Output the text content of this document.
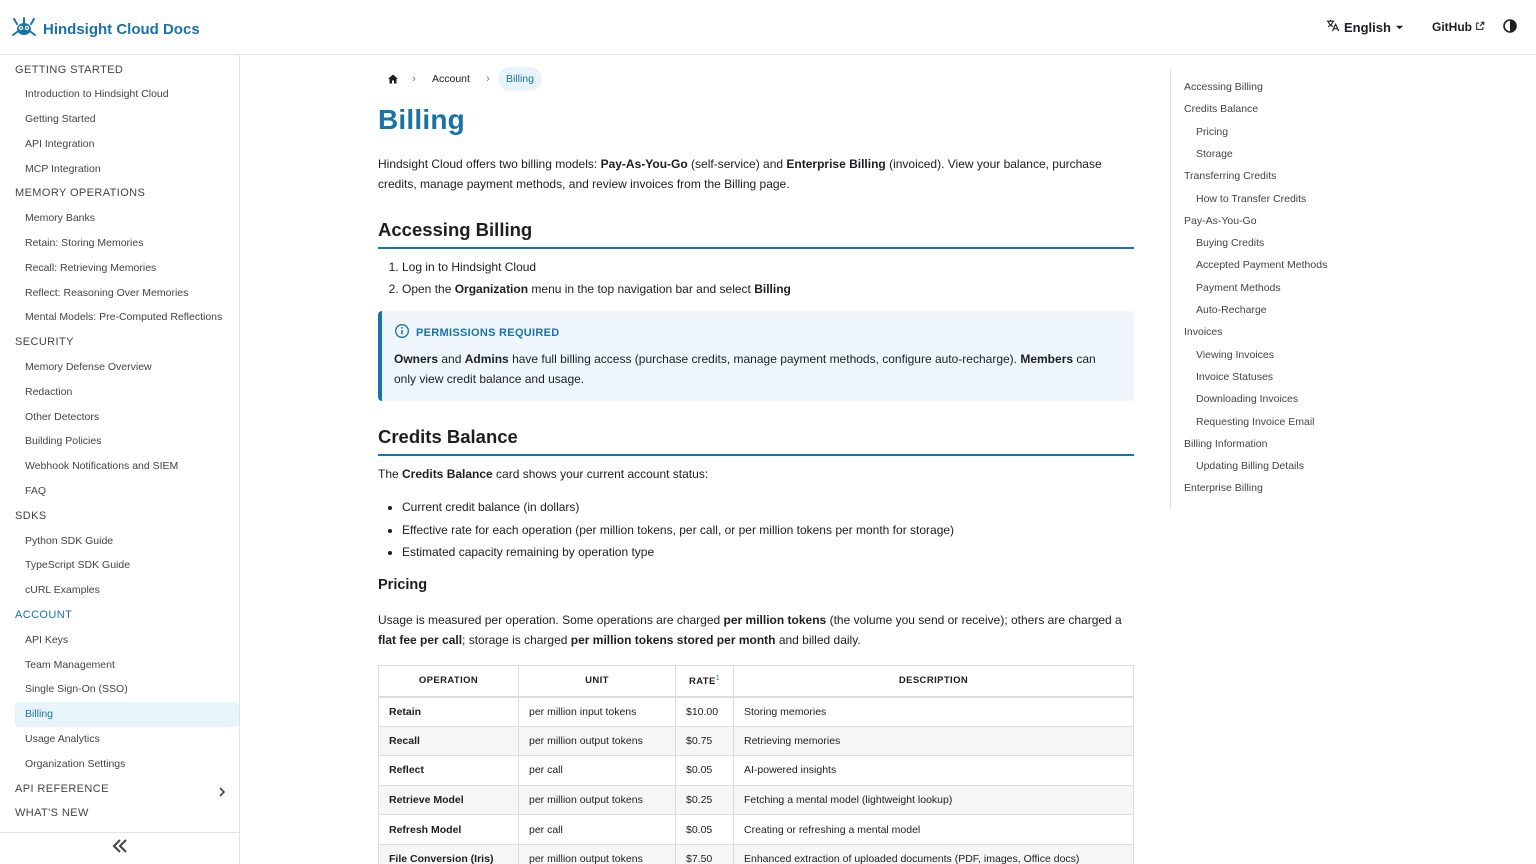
Hindsight Cloud Docs	English	GitHub
GETTING STARTED
Introduction to Hindsight Cloud
Getting Started
API Integration
MCP Integration
MEMORY OPERATIONS
Memory Banks
Retain: Storing Memories
Recall: Retrieving Memories
Reflect: Reasoning Over Memories
Mental Models: Pre-Computed Reflections
SECURITY
Memory Defense Overview
Redaction
Other Detectors
Building Policies
Webhook Notifications and SIEM
FAQ
SDKS
Python SDK Guide
TypeScript SDK Guide
cURL Examples
ACCOUNT
API Keys
Team Management
Single Sign-On (SSO)
Billing
Usage Analytics
Organization Settings
API REFERENCE
WHAT'S NEW
›	Account	›	Billing
Billing

Hindsight Cloud offers two billing models: Pay-As-You-Go (self-service) and Enterprise Billing (invoiced). View your balance, purchase credits, manage payment methods, and review invoices from the Billing page.

Accessing Billing
1. Log in to Hindsight Cloud
2. Open the Organization menu in the top navigation bar and select Billing
PERMISSIONS REQUIRED
Owners and Admins have full billing access (purchase credits, manage payment methods, configure auto-recharge). Members can only view credit balance and usage.
Credits Balance

The Credits Balance card shows your current account status:

• Current credit balance (in dollars)
• Effective rate for each operation (per million tokens, per call, or per million tokens per month for storage)
• Estimated capacity remaining by operation type
Pricing

Usage is measured per operation. Some operations are charged per million tokens (the volume you send or receive); others are charged a flat fee per call; storage is charged per million tokens stored per month and billed daily.

OPERATION	UNIT	RATE$^1$	DESCRIPTION
Retain	per million input tokens	$10.00	Storing memories
Recall	per million output tokens	$0.75	Retrieving memories
Reflect	per call	$0.05	AI-powered insights
Retrieve Model	per million output tokens	$0.25	Fetching a mental model (lightweight lookup)
Refresh Model	per call	$0.05	Creating or refreshing a mental model
File Conversion (Iris)	per million output tokens	$7.50	Enhanced extraction of uploaded documents (PDF, images, Office docs)
Accessing Billing
Credits Balance
Pricing
Storage
Transferring Credits
How to Transfer Credits
Pay-As-You-Go
Buying Credits
Accepted Payment Methods
Payment Methods
Auto-Recharge
Invoices
Viewing Invoices
Invoice Statuses
Downloading Invoices
Requesting Invoice Email
Billing Information
Updating Billing Details
Enterprise Billing
